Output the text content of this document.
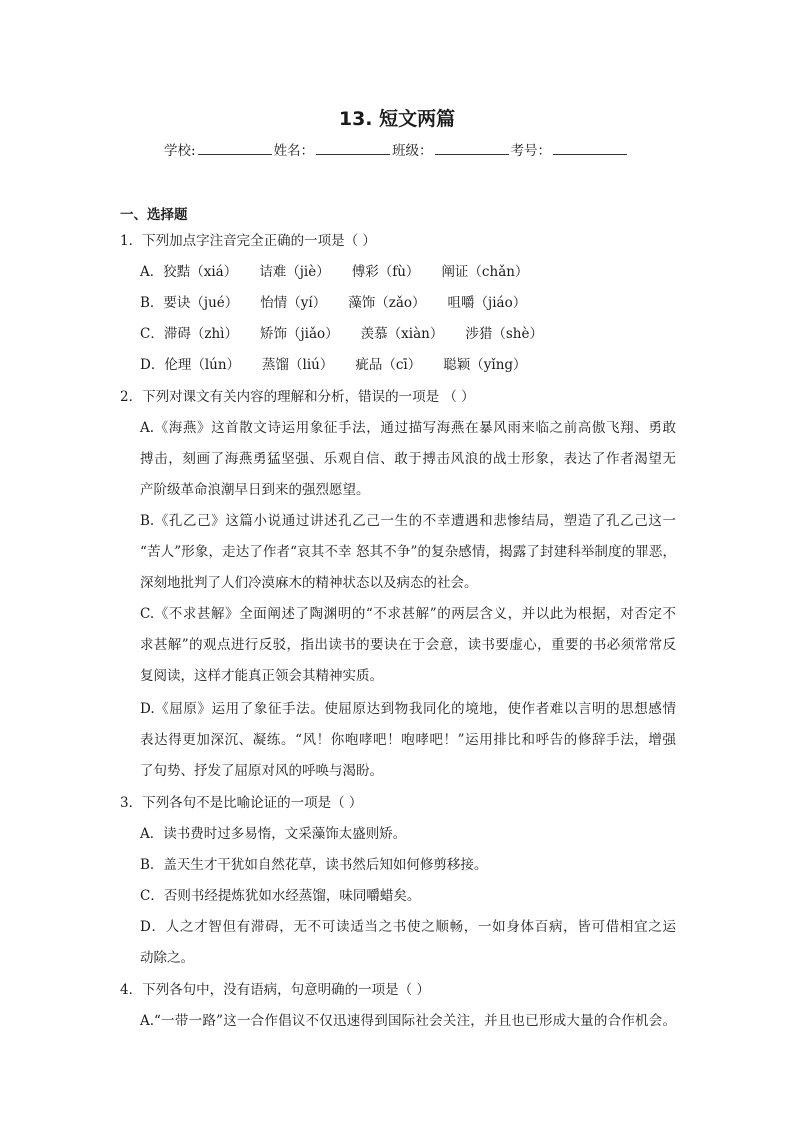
13. 短文两篇
学校:	姓名：	班级：	考号：
一、选择题
1．下列加点字注音完全正确的一项是（ ）
A．狡黠（xiá） 诘难（jiè） 傅彩（fù） 阐证（chǎn）
B．要诀（jué） 怡情（yí） 藻饰（zǎo） 咀嚼（jiáo）
C．滞碍（zhì） 矫饰（jiǎo） 羡慕（xiàn） 涉猎（shè）
D．伦理（lún） 蒸馏（liú） 疵品（cī） 聪颖（yǐng）
2．下列对课文有关内容的理解和分析，错误的一项是 （ ）
A.《海燕》这首散文诗运用象征手法，通过描写海燕在暴风雨来临之前高傲飞翔、勇敢
搏击，刻画了海燕勇猛坚强、乐观自信、敢于搏击风浪的战士形象，表达了作者渴望无
产阶级革命浪潮早日到来的强烈愿望。
B.《孔乙己》这篇小说通过讲述孔乙己一生的不幸遭遇和悲惨结局，塑造了孔乙己这一
“苦人”形象，走达了作者“哀其不幸 怒其不争”的复杂感情，揭露了封建科举制度的罪恶，
深刻地批判了人们冷漠麻木的精神状态以及病态的社会。
C.《不求甚解》全面阐述了陶渊明的“不求甚解”的两层含义，并以此为根据，对否定不
求甚解”的观点进行反驳，指出读书的要诀在于会意，读书要虚心，重要的书必须常常反
复阅读，这样才能真正领会其精神实质。
D.《屈原》运用了象征手法。使屈原达到物我同化的境地，使作者难以言明的思想感情
表达得更加深沉、凝练。“风！你咆哮吧！咆哮吧！”运用排比和呼告的修辞手法，增强
了句势、抒发了屈原对风的呼唤与渴盼。
3．下列各句不是比喻论证的一项是（ ）
A．读书费时过多易惰，文采藻饰太盛则矫。
B．盖天生才干犹如自然花草，读书然后知如何修剪移接。
C．否则书经提炼犹如水经蒸馏，味同嚼蜡矣。
D．人之才智但有滞碍，无不可读适当之书使之顺畅，一如身体百病，皆可借相宜之运
动除之。
4．下列各句中，没有语病，句意明确的一项是（ ）
A.“一带一路”这一合作倡议不仅迅速得到国际社会关注，并且也已形成大量的合作机会。
